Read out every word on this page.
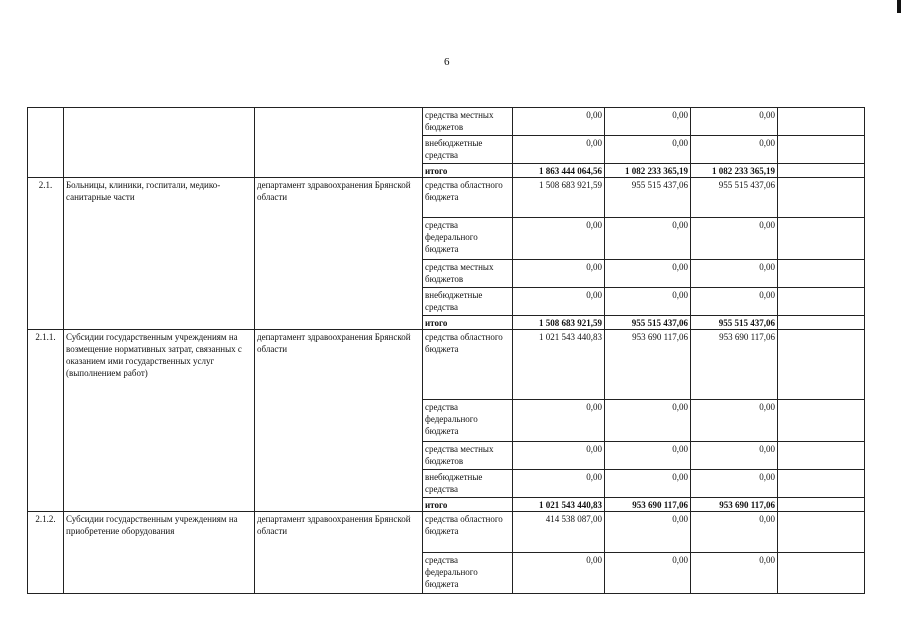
6
			средства местных бюджетов	0,00	0,00	0,00	
			внебюджетные средства	0,00	0,00	0,00	
			итого	1 863 444 064,56	1 082 233 365,19	1 082 233 365,19	
2.1.	Больницы, клиники, госпитали, медико-санитарные части	департамент здравоохранения Брянской области	средства областного бюджета	1 508 683 921,59	955 515 437,06	955 515 437,06	
			средства федерального бюджета	0,00	0,00	0,00	
			средства местных бюджетов	0,00	0,00	0,00	
			внебюджетные средства	0,00	0,00	0,00	
			итого	1 508 683 921,59	955 515 437,06	955 515 437,06	
2.1.1.	Субсидии государственным учреждениям на возмещение нормативных затрат, связанных с оказанием ими государственных услуг (выполнением работ)	департамент здравоохранения Брянской области	средства областного бюджета	1 021 543 440,83	953 690 117,06	953 690 117,06	
			средства федерального бюджета	0,00	0,00	0,00	
			средства местных бюджетов	0,00	0,00	0,00	
			внебюджетные средства	0,00	0,00	0,00	
			итого	1 021 543 440,83	953 690 117,06	953 690 117,06	
2.1.2.	Субсидии государственным учреждениям на приобретение оборудования	департамент здравоохранения Брянской области	средства областного бюджета	414 538 087,00	0,00	0,00	
			средства федерального бюджета	0,00	0,00	0,00	
